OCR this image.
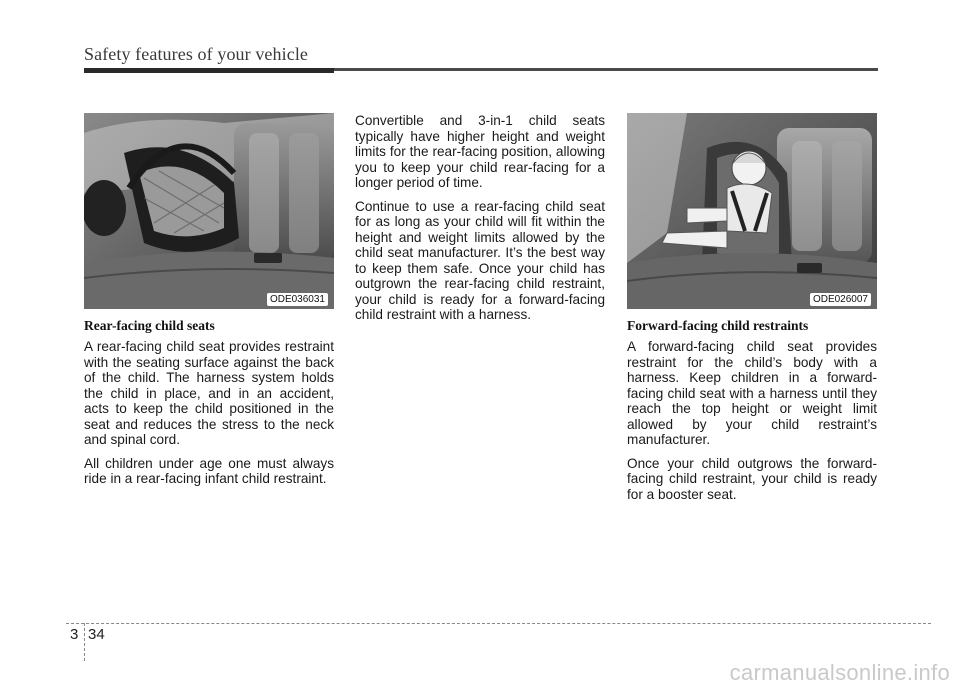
Safety features of your vehicle
ODE036031	ODE026007
Rear-facing child seats

A rear-facing child seat provides restraint with the seating surface against the back of the child. The harness system holds the child in place, and in an accident, acts to keep the child positioned in the seat and reduces the stress to the neck and spinal cord.

All children under age one must always ride in a rear-facing infant child restraint.

Convertible and 3-in-1 child seats typically have higher height and weight limits for the rear-facing position, allowing you to keep your child rear-facing for a longer period of time.

Continue to use a rear-facing child seat for as long as your child will fit within the height and weight limits allowed by the child seat manufacturer. It’s the best way to keep them safe. Once your child has outgrown the rear-facing child restraint, your child is ready for a forward-facing child restraint with a harness.

Forward-facing child restraints

A forward-facing child seat provides restraint for the child’s body with a harness. Keep children in a forward-facing child seat with a harness until they reach the top height or weight limit allowed by your child restraint’s manufacturer.

Once your child outgrows the forward-facing child restraint, your child is ready for a booster seat.

3 34
carmanualsonline.info
